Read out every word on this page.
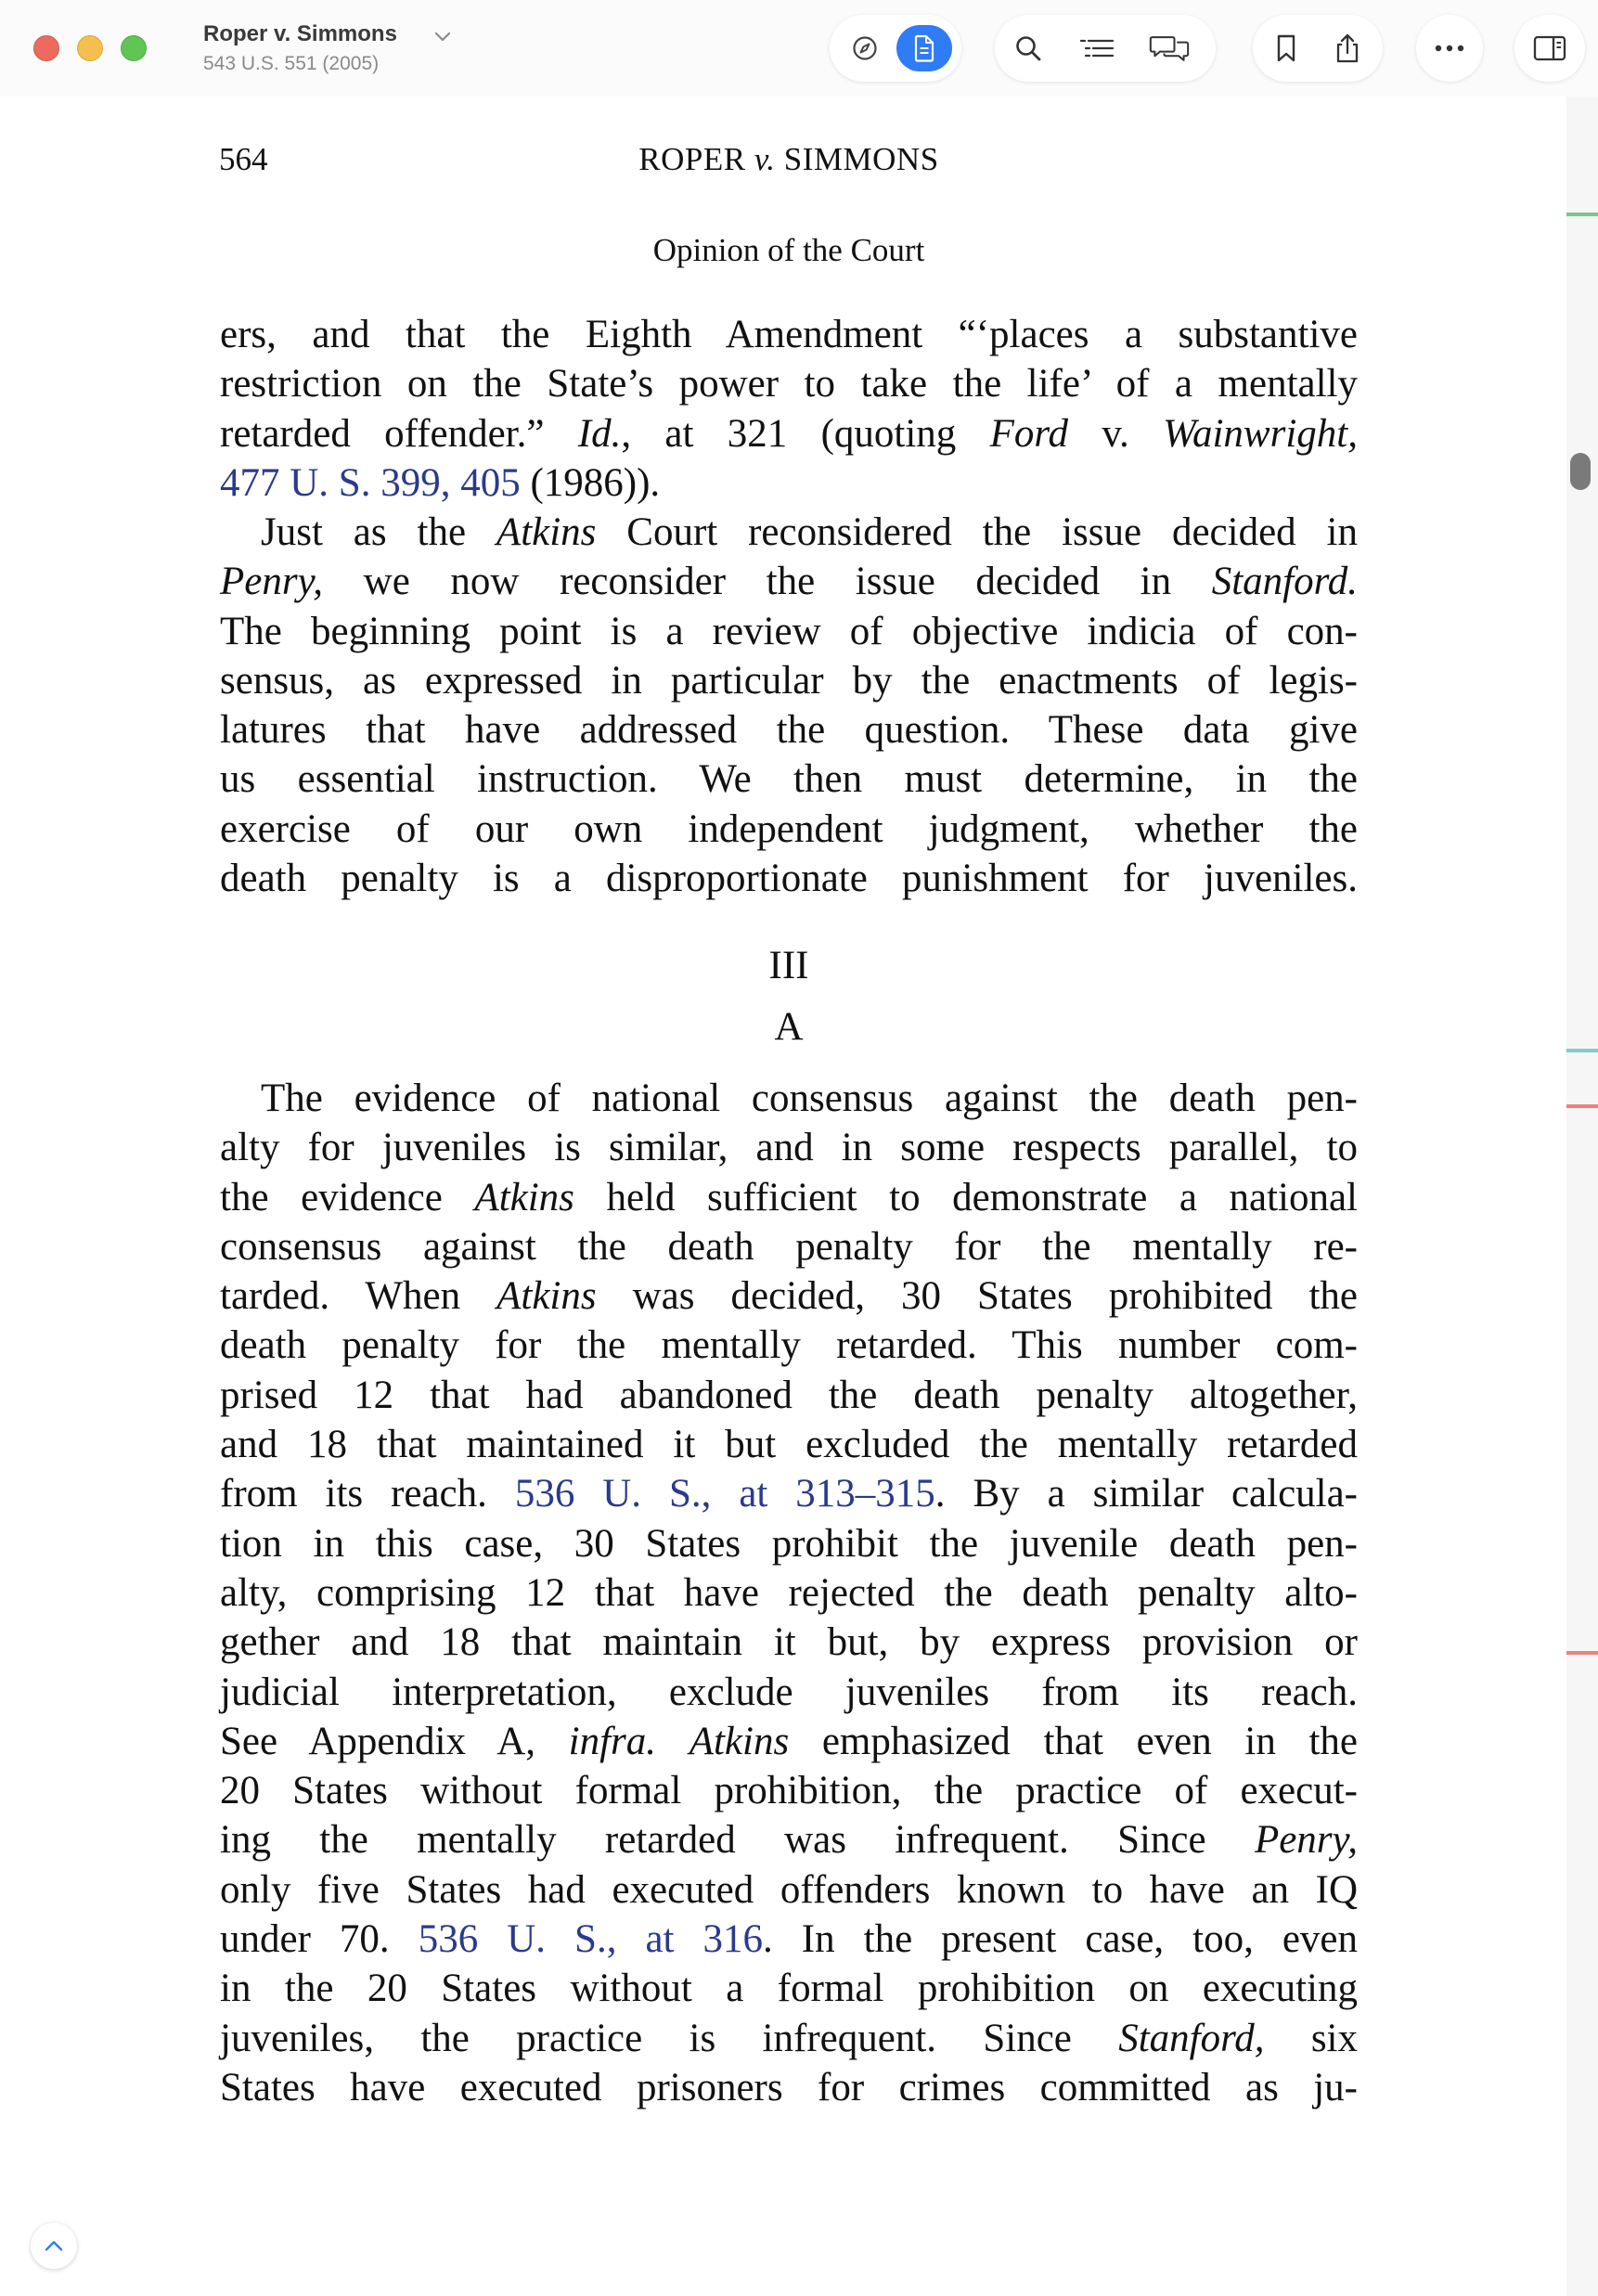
Roper v. Simmons
543 U.S. 551 (2005)
564	ROPER v. SIMMONS
Opinion of the Court
ers, and that the Eighth Amendment “‘places a substantive
restriction on the State’s power to take the life’ of a mentally
retarded offender.” Id., at 321 (quoting Ford v. Wainwright,
477 U. S. 399, 405 (1986)).
Just as the Atkins Court reconsidered the issue decided in
Penry, we now reconsider the issue decided in Stanford.
The beginning point is a review of objective indicia of con-
sensus, as expressed in particular by the enactments of legis-
latures that have addressed the question. These data give
us essential instruction. We then must determine, in the
exercise of our own independent judgment, whether the
death penalty is a disproportionate punishment for juveniles.
III
A
The evidence of national consensus against the death pen-
alty for juveniles is similar, and in some respects parallel, to
the evidence Atkins held sufficient to demonstrate a national
consensus against the death penalty for the mentally re-
tarded. When Atkins was decided, 30 States prohibited the
death penalty for the mentally retarded. This number com-
prised 12 that had abandoned the death penalty altogether,
and 18 that maintained it but excluded the mentally retarded
from its reach. 536 U. S., at 313–315. By a similar calcula-
tion in this case, 30 States prohibit the juvenile death pen-
alty, comprising 12 that have rejected the death penalty alto-
gether and 18 that maintain it but, by express provision or
judicial interpretation, exclude juveniles from its reach.
See Appendix A, infra. Atkins emphasized that even in the
20 States without formal prohibition, the practice of execut-
ing the mentally retarded was infrequent. Since Penry,
only five States had executed offenders known to have an IQ
under 70. 536 U. S., at 316. In the present case, too, even
in the 20 States without a formal prohibition on executing
juveniles, the practice is infrequent. Since Stanford, six
States have executed prisoners for crimes committed as ju-
